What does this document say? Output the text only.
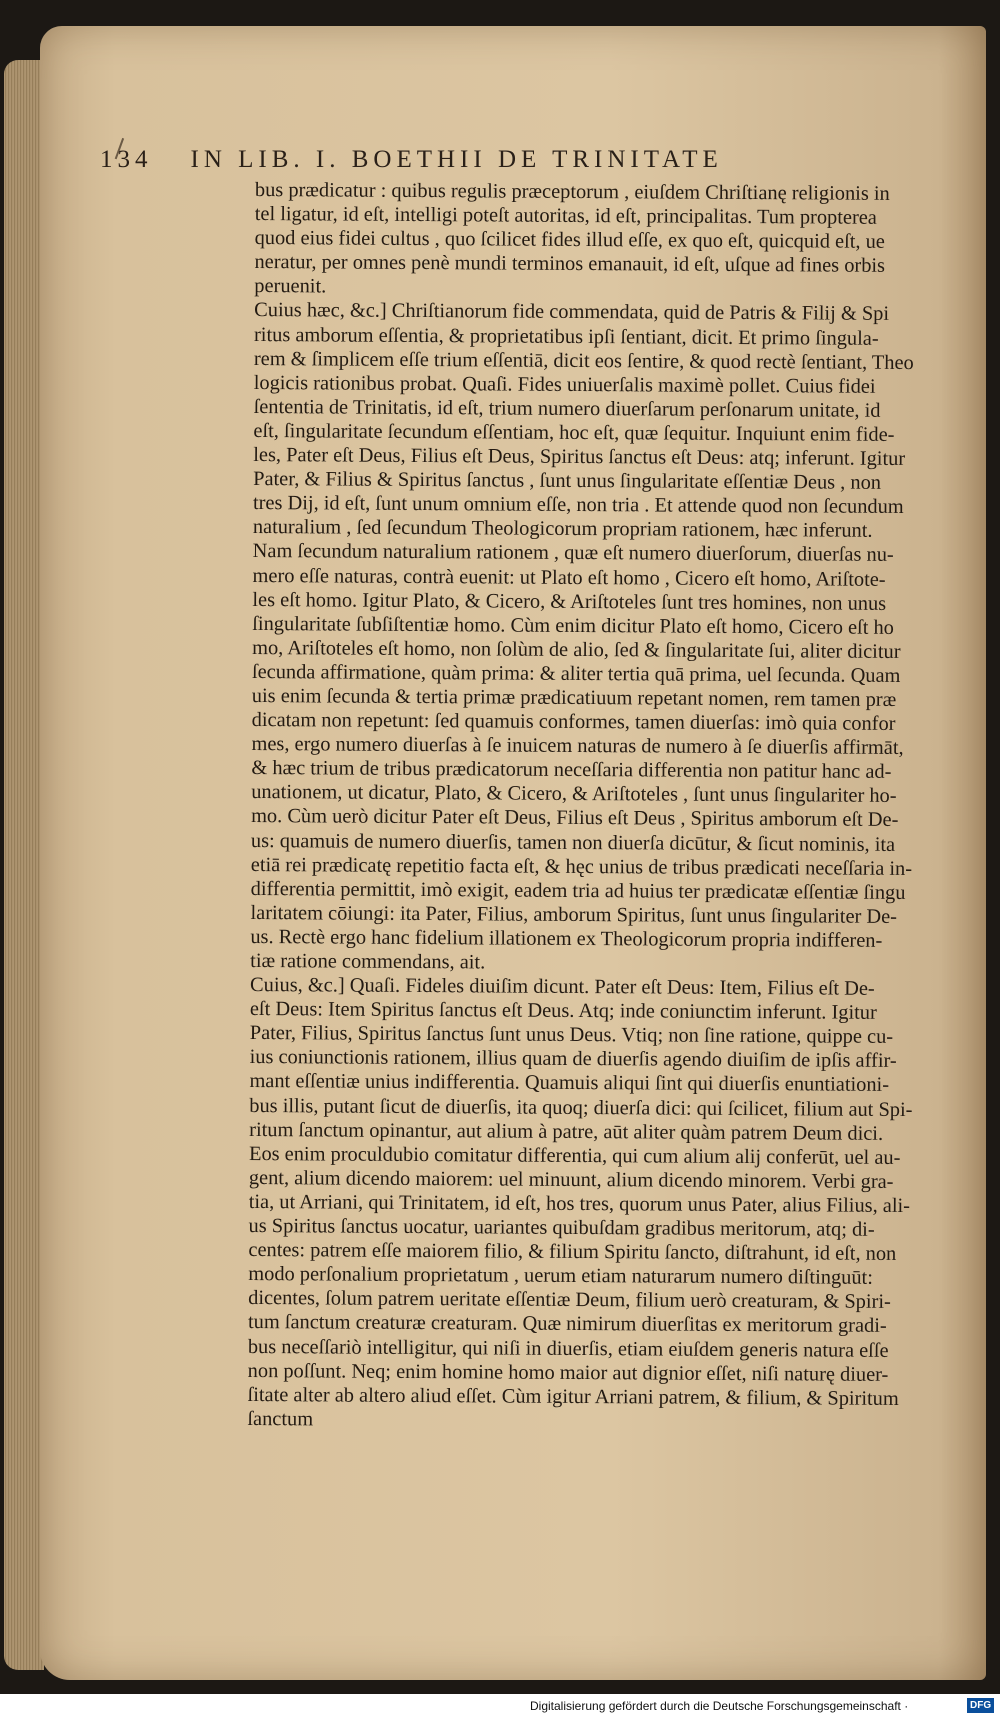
134 IN LIB. I. BOETHII DE TRINITATE
bus prædicatur : quibus regulis præceptorum , eiuſdem Chriſtianę religionis in
tel ligatur, id eſt, intelligi poteſt autoritas, id eſt, principalitas. Tum propterea
quod eius fidei cultus , quo ſcilicet fides illud eſſe, ex quo eſt, quicquid eſt, ue
neratur, per omnes penè mundi terminos emanauit, id eſt, uſque ad fines orbis
peruenit.
Cuius hæc, &c.] Chriſtianorum fide commendata, quid de Patris & Filij & Spi
ritus amborum eſſentia, & proprietatibus ipſi ſentiant, dicit. Et primo ſingula-
rem & ſimplicem eſſe trium eſſentiā, dicit eos ſentire, & quod rectè ſentiant, Theo
logicis rationibus probat. Quaſi. Fides uniuerſalis maximè pollet. Cuius fidei
ſententia de Trinitatis, id eſt, trium numero diuerſarum perſonarum unitate, id
eſt, ſingularitate ſecundum eſſentiam, hoc eſt, quæ ſequitur. Inquiunt enim fide-
les, Pater eſt Deus, Filius eſt Deus, Spiritus ſanctus eſt Deus: atq; inferunt. Igitur
Pater, & Filius & Spiritus ſanctus , ſunt unus ſingularitate eſſentiæ Deus , non
tres Dij, id eſt, ſunt unum omnium eſſe, non tria . Et attende quod non ſecundum
naturalium , ſed ſecundum Theologicorum propriam rationem, hæc inferunt.
Nam ſecundum naturalium rationem , quæ eſt numero diuerſorum, diuerſas nu-
mero eſſe naturas, contrà euenit: ut Plato eſt homo , Cicero eſt homo, Ariſtote-
les eſt homo. Igitur Plato, & Cicero, & Ariſtoteles ſunt tres homines, non unus
ſingularitate ſubſiſtentiæ homo. Cùm enim dicitur Plato eſt homo, Cicero eſt ho
mo, Ariſtoteles eſt homo, non ſolùm de alio, ſed & ſingularitate ſui, aliter dicitur
ſecunda affirmatione, quàm prima: & aliter tertia quā prima, uel ſecunda. Quam
uis enim ſecunda & tertia primæ prædicatiuum repetant nomen, rem tamen præ
dicatam non repetunt: ſed quamuis conformes, tamen diuerſas: imò quia confor
mes, ergo numero diuerſas à ſe inuicem naturas de numero à ſe diuerſis affirmāt,
& hæc trium de tribus prædicatorum neceſſaria differentia non patitur hanc ad-
unationem, ut dicatur, Plato, & Cicero, & Ariſtoteles , ſunt unus ſingulariter ho-
mo. Cùm uerò dicitur Pater eſt Deus, Filius eſt Deus , Spiritus amborum eſt De-
us: quamuis de numero diuerſis, tamen non diuerſa dicūtur, & ſicut nominis, ita
etiā rei prædicatę repetitio facta eſt, & hęc unius de tribus prædicati neceſſaria in-
differentia permittit, imò exigit, eadem tria ad huius ter prædicatæ eſſentiæ ſingu
laritatem cōiungi: ita Pater, Filius, amborum Spiritus, ſunt unus ſingulariter De-
us. Rectè ergo hanc fidelium illationem ex Theologicorum propria indifferen-
tiæ ratione commendans, ait.
Cuius, &c.] Quaſi. Fideles diuiſim dicunt. Pater eſt Deus: Item, Filius eſt De-
eſt Deus: Item Spiritus ſanctus eſt Deus. Atq; inde coniunctim inferunt. Igitur
Pater, Filius, Spiritus ſanctus ſunt unus Deus. Vtiq; non ſine ratione, quippe cu-
ius coniunctionis rationem, illius quam de diuerſis agendo diuiſim de ipſis affir-
mant eſſentiæ unius indifferentia. Quamuis aliqui ſint qui diuerſis enuntiationi-
bus illis, putant ſicut de diuerſis, ita quoq; diuerſa dici: qui ſcilicet, filium aut Spi-
ritum ſanctum opinantur, aut alium à patre, aūt aliter quàm patrem Deum dici.
Eos enim proculdubio comitatur differentia, qui cum alium alij conferūt, uel au-
gent, alium dicendo maiorem: uel minuunt, alium dicendo minorem. Verbi gra-
tia, ut Arriani, qui Trinitatem, id eſt, hos tres, quorum unus Pater, alius Filius, ali-
us Spiritus ſanctus uocatur, uariantes quibuſdam gradibus meritorum, atq; di-
centes: patrem eſſe maiorem filio, & filium Spiritu ſancto, diſtrahunt, id eſt, non
modo perſonalium proprietatum , uerum etiam naturarum numero diſtinguūt:
dicentes, ſolum patrem ueritate eſſentiæ Deum, filium uerò creaturam, & Spiri-
tum ſanctum creaturæ creaturam. Quæ nimirum diuerſitas ex meritorum gradi-
bus neceſſariò intelligitur, qui niſi in diuerſis, etiam eiuſdem generis natura eſſe
non poſſunt. Neq; enim homine homo maior aut dignior eſſet, niſi naturę diuer-
ſitate alter ab altero aliud eſſet. Cùm igitur Arriani patrem, & filium, & Spiritum
ſanctum
Digitalisierung gefördert durch die Deutsche Forschungsgemeinschaft ·	DFG
